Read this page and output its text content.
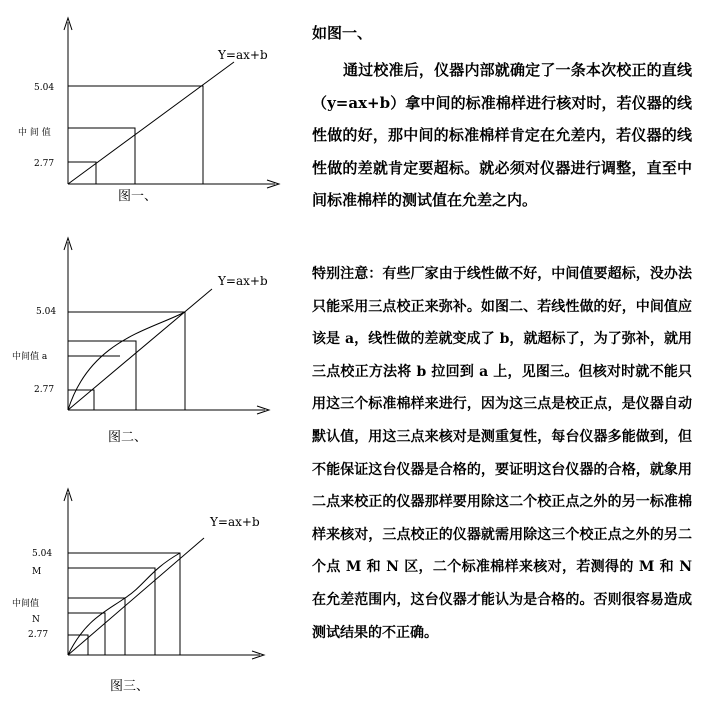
Y=ax+b
5.04
中 间 值
2.77
图一、
Y=ax+b
5.04
中间值 a
2.77
图二、
Y=ax+b
5.04
M
中间值
N
2.77
图三、
如图一、
通过校准后，仪器内部就确定了一条本次校正的直线（y=ax+b）拿中间的标准棉样进行核对时，若仪器的线性做的好，那中间的标准棉样肯定在允差内，若仪器的线性做的差就肯定要超标。就必须对仪器进行调整，直至中间标准棉样的测试值在允差之内。
特别注意：有些厂家由于线性做不好，中间值要超标，没办法只能采用三点校正来弥补。如图二、若线性做的好，中间值应该是 a，线性做的差就变成了 b，就超标了，为了弥补，就用三点校正方法将 b 拉回到 a 上，见图三。但核对时就不能只用这三个标准棉样来进行，因为这三点是校正点，是仪器自动默认值，用这三点来核对是测重复性，每台仪器多能做到，但不能保证这台仪器是合格的，要证明这台仪器的合格，就象用二点来校正的仪器那样要用除这二个校正点之外的另一标准棉样来核对，三点校正的仪器就需用除这三个校正点之外的另二个点 M 和 N 区，二个标准棉样来核对，若测得的 M 和 N 在允差范围内，这台仪器才能认为是合格的。否则很容易造成测试结果的不正确。
